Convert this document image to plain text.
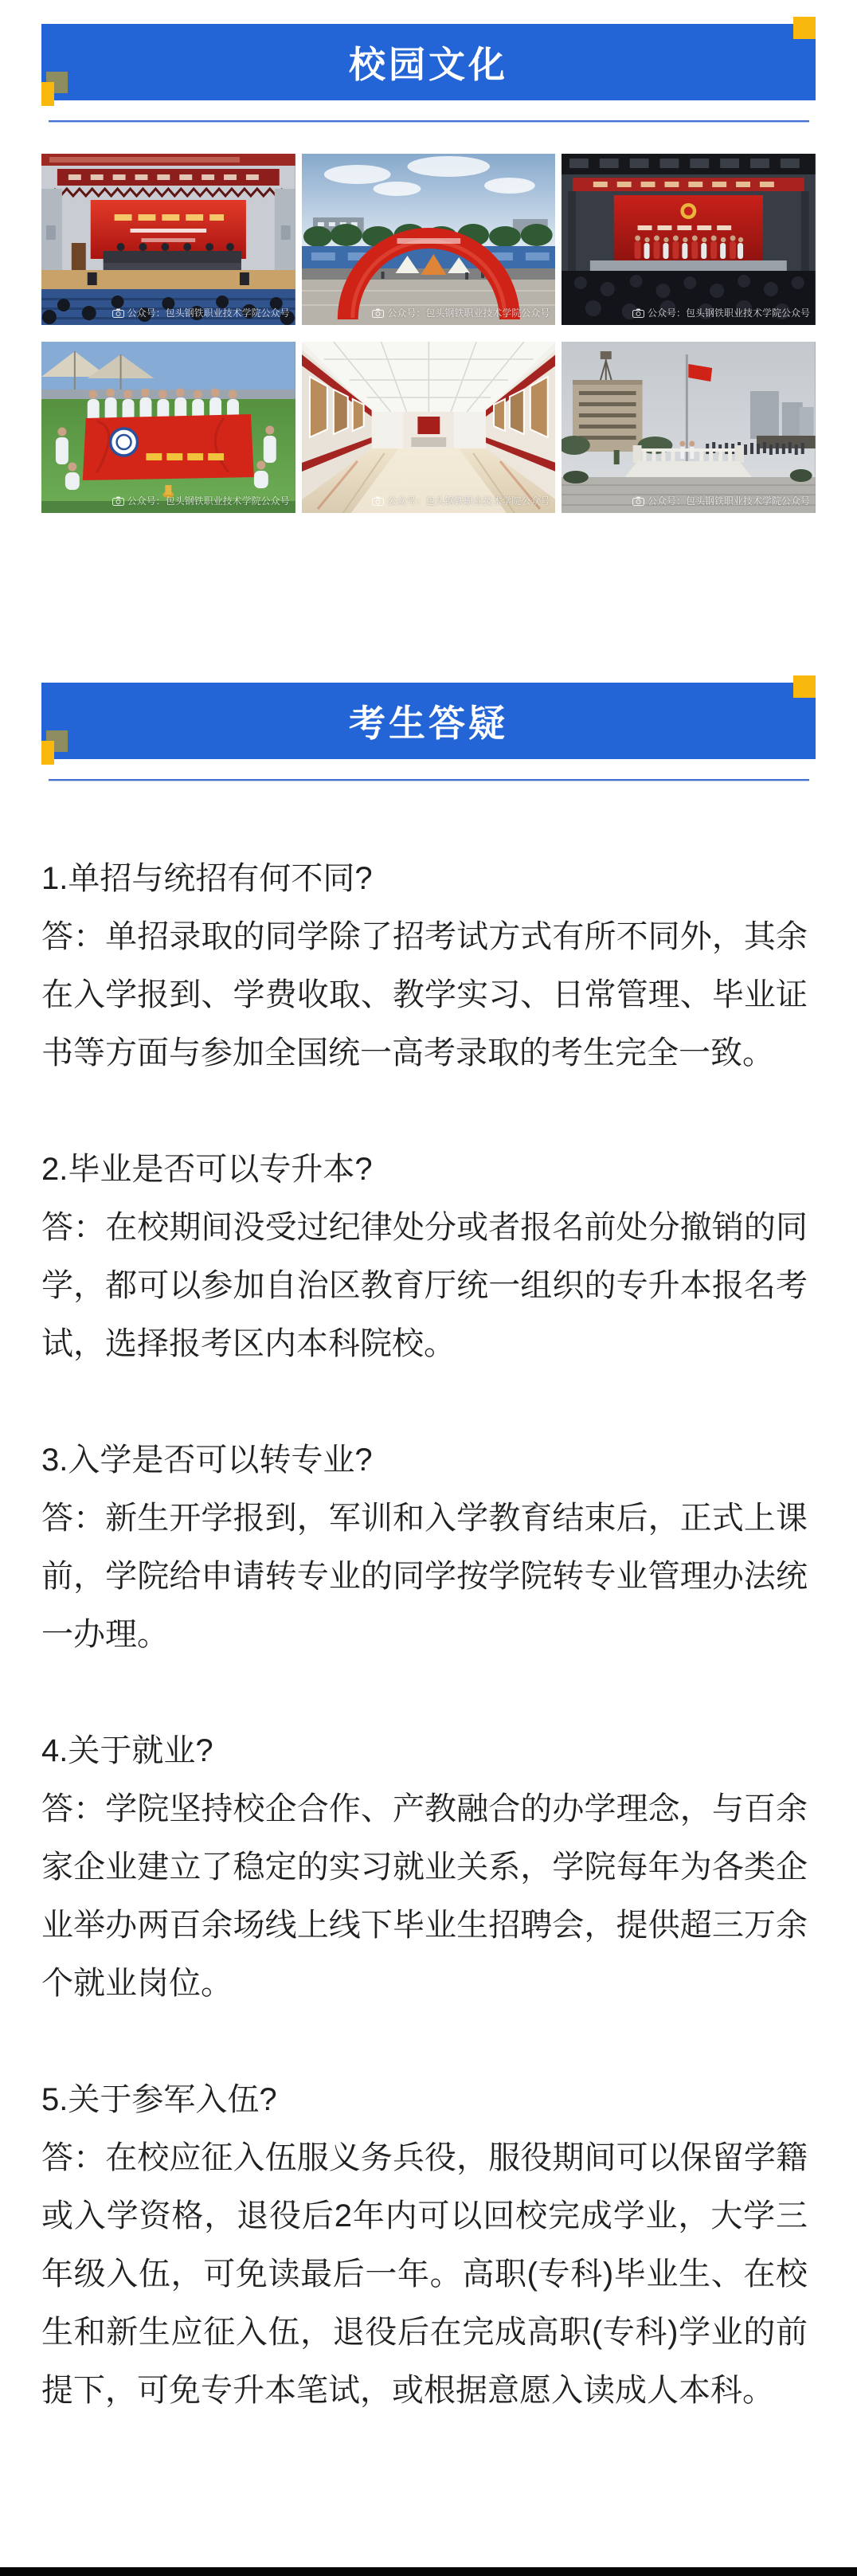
校园文化
公众号：包头钢铁职业技术学院公众号	公众号：包头钢铁职业技术学院公众号	公众号：包头钢铁职业技术学院公众号
公众号：包头钢铁职业技术学院公众号	公众号：包头钢铁职业技术学院公众号	公众号：包头钢铁职业技术学院公众号
考生答疑

1.单招与统招有何不同?

答：单招录取的同学除了招考试方式有所不同外，其余在入学报到、学费收取、教学实习、日常管理、毕业证书等方面与参加全国统一高考录取的考生完全一致。

2.毕业是否可以专升本?

答：在校期间没受过纪律处分或者报名前处分撤销的同学，都可以参加自治区教育厅统一组织的专升本报名考试，选择报考区内本科院校。

3.入学是否可以转专业?

答：新生开学报到，军训和入学教育结束后，正式上课前，学院给申请转专业的同学按学院转专业管理办法统一办理。

4.关于就业?

答：学院坚持校企合作、产教融合的办学理念，与百余家企业建立了稳定的实习就业关系，学院每年为各类企业举办两百余场线上线下毕业生招聘会，提供超三万余个就业岗位。

5.关于参军入伍?

答：在校应征入伍服义务兵役，服役期间可以保留学籍或入学资格，退役后2年内可以回校完成学业，大学三年级入伍，可免读最后一年。高职(专科)毕业生、在校生和新生应征入伍，退役后在完成高职(专科)学业的前提下，可免专升本笔试，或根据意愿入读成人本科。
